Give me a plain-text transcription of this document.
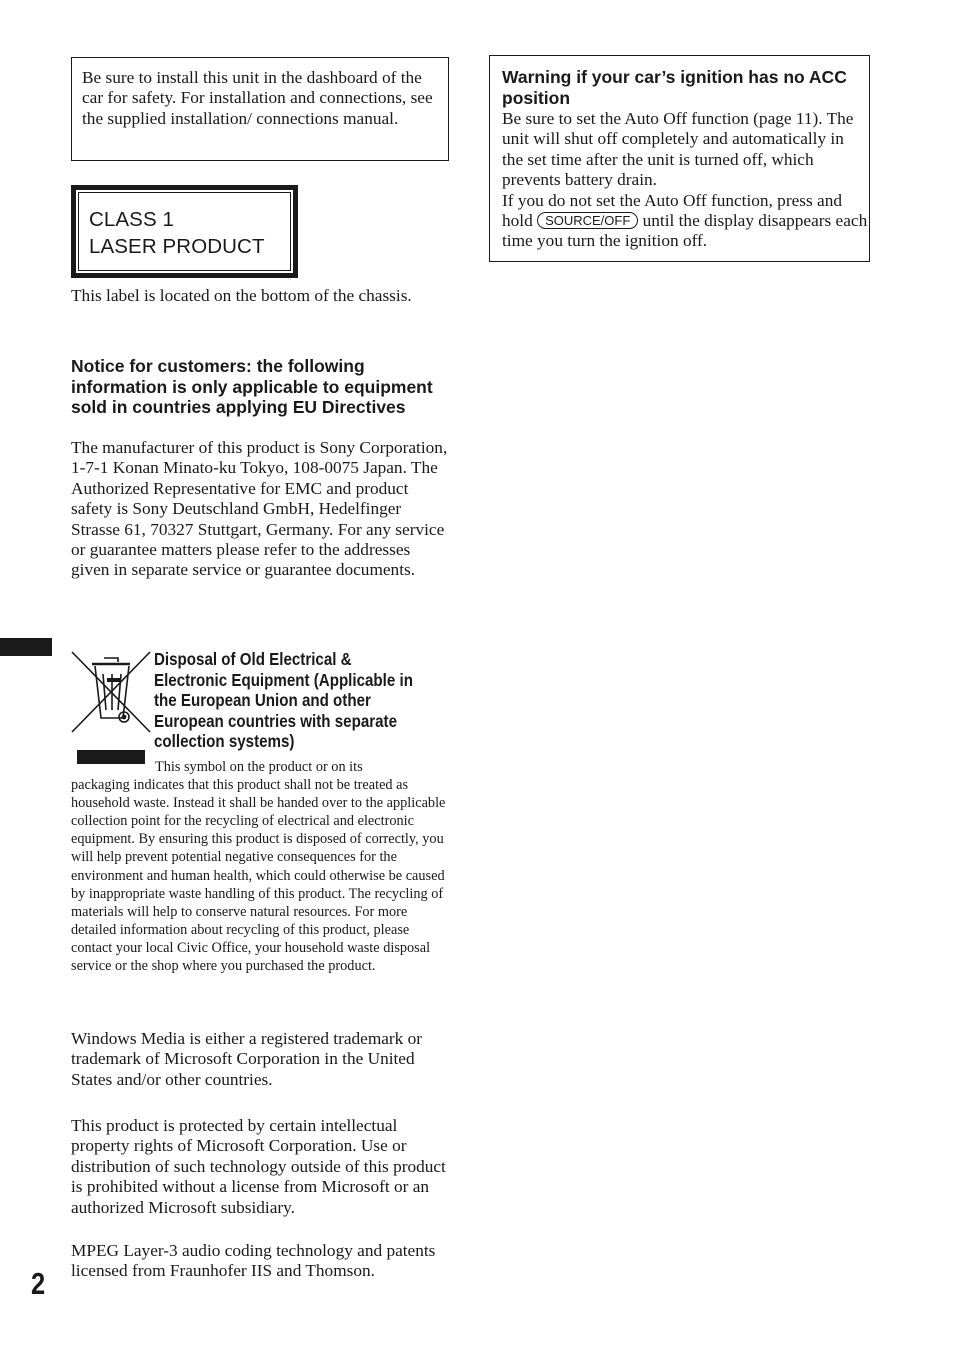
Be sure to install this unit in the dashboard of the car for safety. For installation and connections, see the supplied installation/ connections manual.
CLASS 1
LASER PRODUCT

This label is located on the bottom of the chassis.

Notice for customers: the following information is only applicable to equipment sold in countries applying EU Directives

The manufacturer of this product is Sony Corporation, 1-7-1 Konan Minato-ku Tokyo, 108-0075 Japan. The Authorized Representative for EMC and product safety is Sony Deutschland GmbH, Hedelfinger Strasse 61, 70327 Stuttgart, Germany. For any service or guarantee matters please refer to the addresses given in separate service or guarantee documents.

Disposal of Old Electrical &
Electronic Equipment (Applicable in
the European Union and other
European countries with separate
collection systems)
This symbol on the product or on its
packaging indicates that this product shall not be treated as household waste. Instead it shall be handed over to the applicable collection point for the recycling of electrical and electronic equipment. By ensuring this product is disposed of correctly, you will help prevent potential negative consequences for the environment and human health, which could otherwise be caused by inappropriate waste handling of this product. The recycling of materials will help to conserve natural resources. For more detailed information about recycling of this product, please contact your local Civic Office, your household waste disposal service or the shop where you purchased the product.

Windows Media is either a registered trademark or trademark of Microsoft Corporation in the United States and/or other countries.

This product is protected by certain intellectual property rights of Microsoft Corporation. Use or distribution of such technology outside of this product is prohibited without a license from Microsoft or an authorized Microsoft subsidiary.

MPEG Layer-3 audio coding technology and patents licensed from Fraunhofer IIS and Thomson.

2
Warning if your car’s ignition has no ACC position
Be sure to set the Auto Off function (page 11). The unit will shut off completely and automatically in the set time after the unit is turned off, which prevents battery drain.
If you do not set the Auto Off function, press and hold SOURCE/OFF until the display disappears each time you turn the ignition off.
